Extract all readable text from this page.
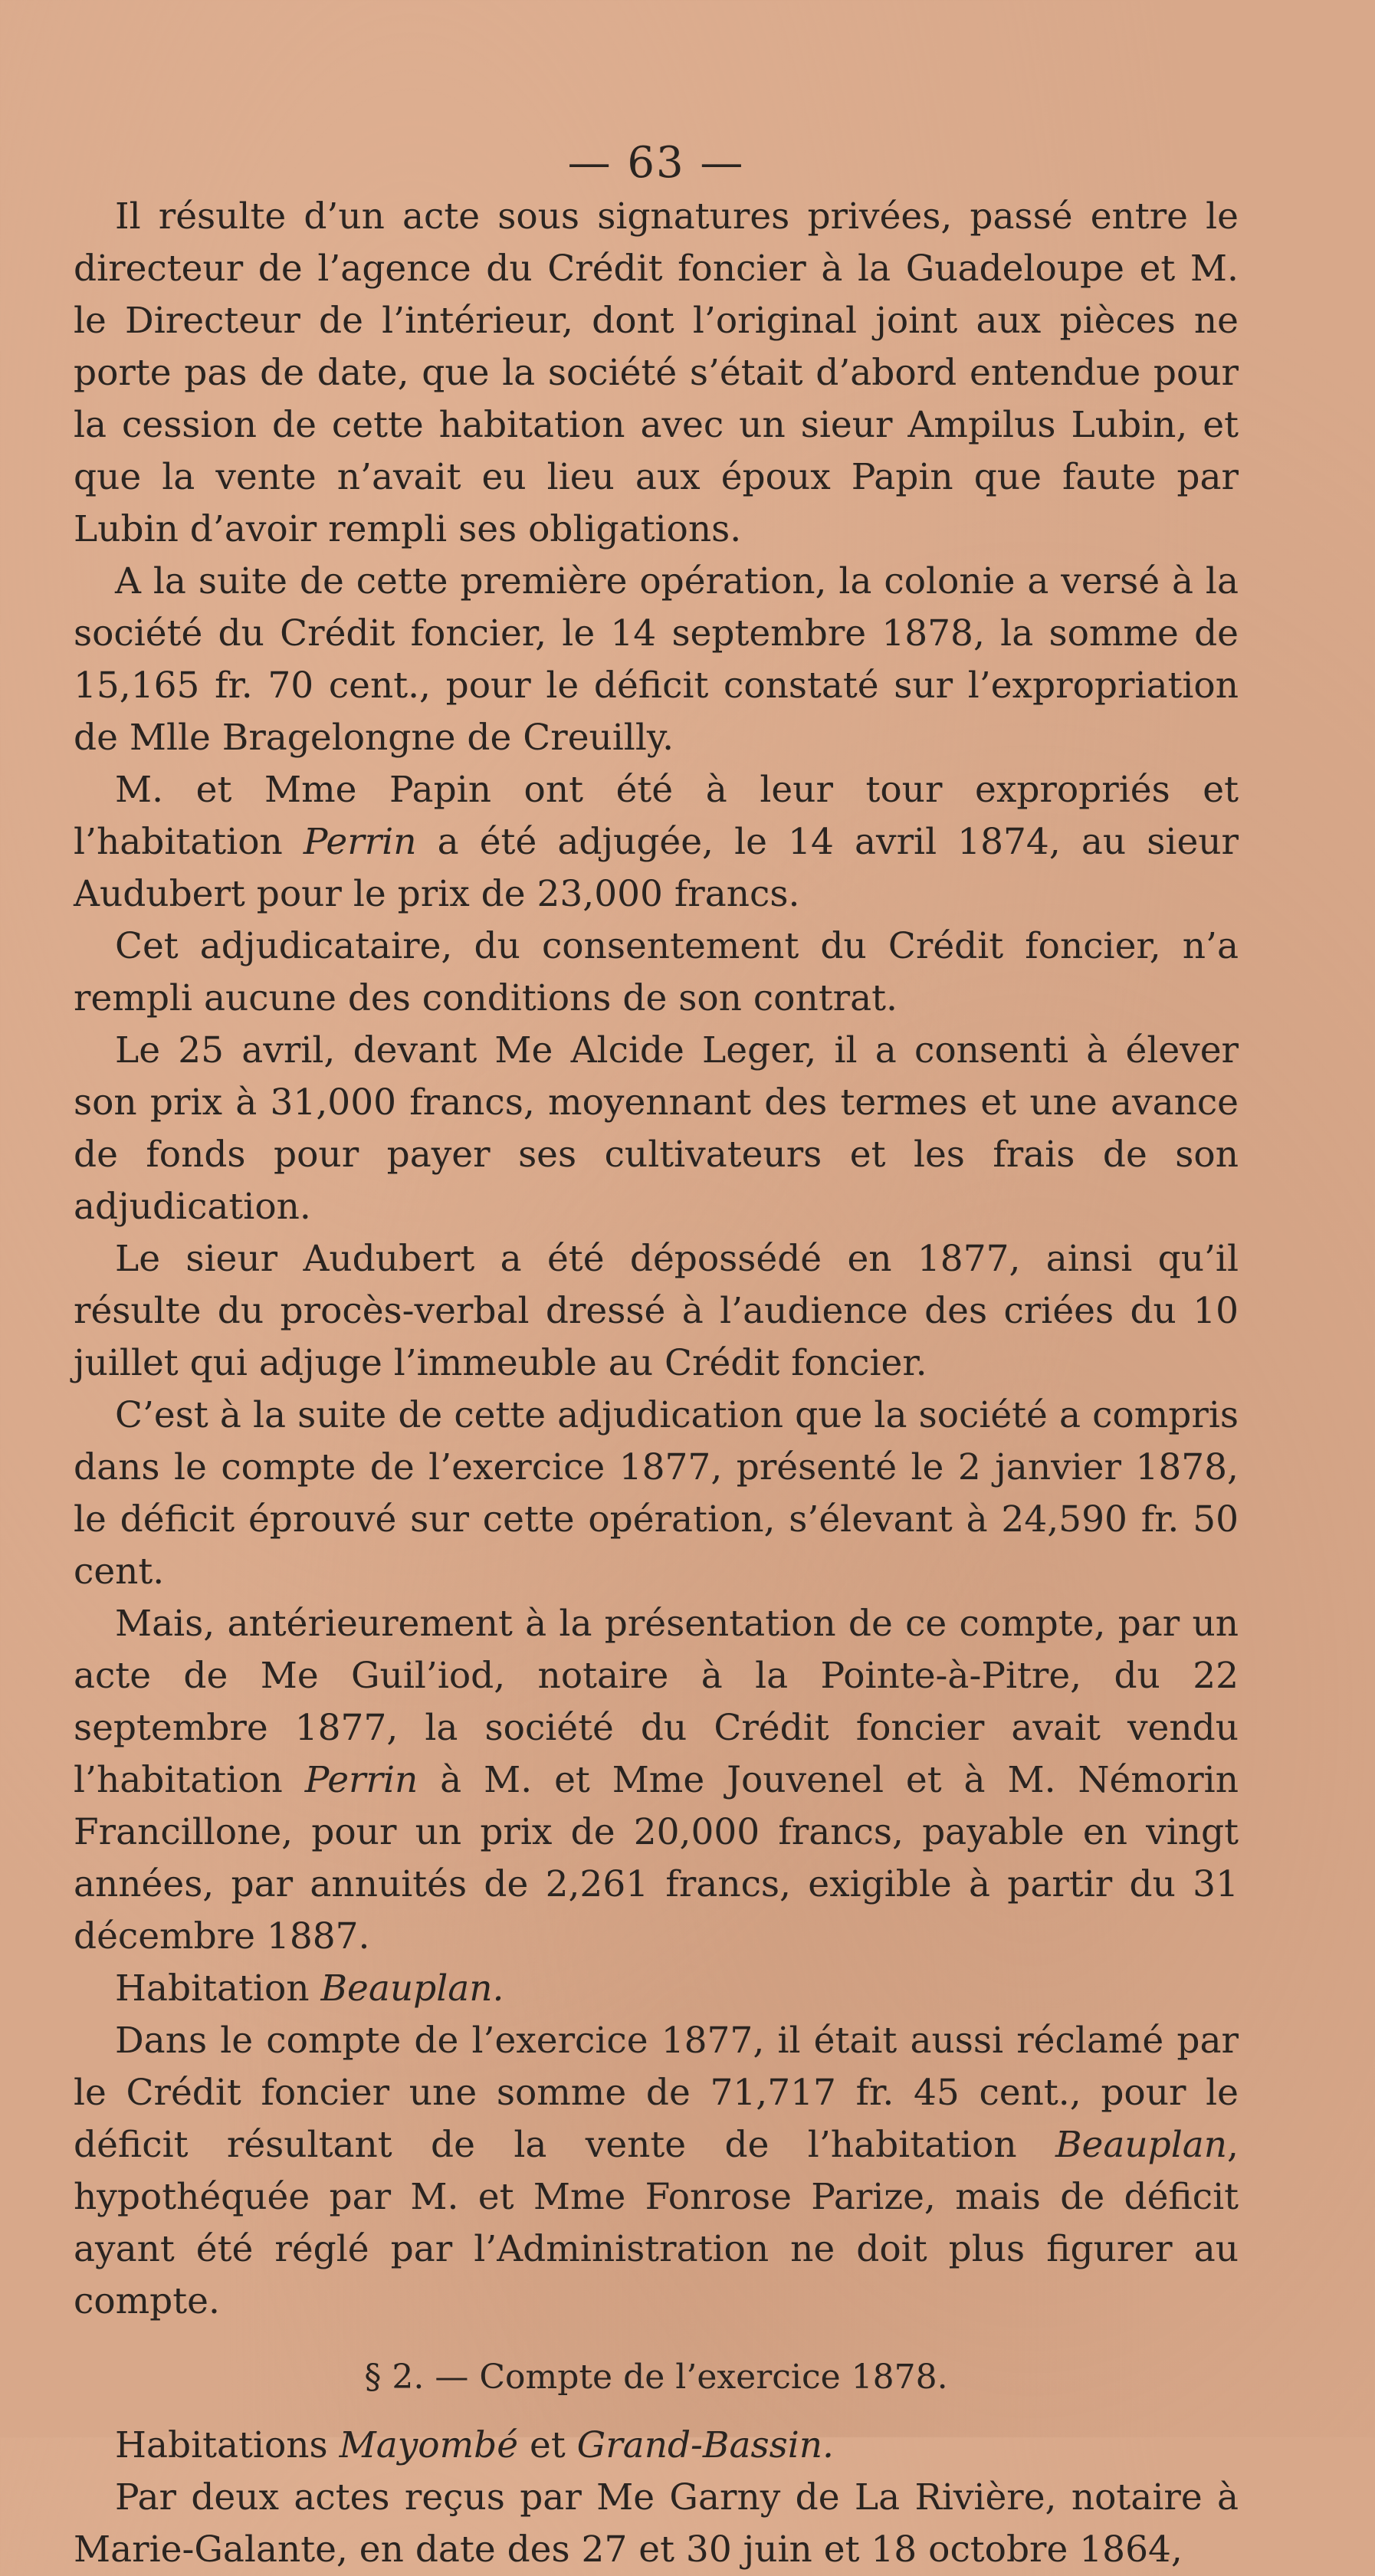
— 63 —

Il résulte d’un acte sous signatures privées, passé entre le directeur de l’agence du Crédit foncier à la Guadeloupe et M. le Directeur de l’intérieur, dont l’original joint aux pièces ne porte pas de date, que la société s’était d’abord entendue pour la cession de cette habitation avec un sieur Ampilus Lubin, et que la vente n’avait eu lieu aux époux Papin que faute par Lubin d’avoir rempli ses obligations.

A la suite de cette première opération, la colonie a versé à la société du Crédit foncier, le 14 septembre 1878, la somme de 15,165 fr. 70 cent., pour le déficit constaté sur l’expropriation de Mlle Bragelongne de Creuilly.

M. et Mme Papin ont été à leur tour expropriés et l’habitation Perrin a été adjugée, le 14 avril 1874, au sieur Audubert pour le prix de 23,000 francs.

Cet adjudicataire, du consentement du Crédit foncier, n’a rempli aucune des conditions de son contrat.

Le 25 avril, devant Me Alcide Leger, il a consenti à élever son prix à 31,000 francs, moyennant des termes et une avance de fonds pour payer ses cultivateurs et les frais de son adjudication.

Le sieur Audubert a été dépossédé en 1877, ainsi qu’il résulte du procès-verbal dressé à l’audience des criées du 10 juillet qui adjuge l’immeuble au Crédit foncier.

C’est à la suite de cette adjudication que la société a compris dans le compte de l’exercice 1877, présenté le 2 janvier 1878, le déficit éprouvé sur cette opération, s’élevant à 24,590 fr. 50 cent.

Mais, antérieurement à la présentation de ce compte, par un acte de Me Guil’iod, notaire à la Pointe-à-Pitre, du 22 septembre 1877, la société du Crédit foncier avait vendu l’habitation Perrin à M. et Mme Jouvenel et à M. Némorin Francillone, pour un prix de 20,000 francs, payable en vingt années, par annuités de 2,261 francs, exigible à partir du 31 décembre 1887.

Habitation Beauplan.

Dans le compte de l’exercice 1877, il était aussi réclamé par le Crédit foncier une somme de 71,717 fr. 45 cent., pour le déficit résultant de la vente de l’habitation Beauplan, hypothéquée par M. et Mme Fonrose Parize, mais de déficit ayant été réglé par l’Administration ne doit plus figurer au compte.

§ 2. — Compte de l’exercice 1878.
Habitations Mayombé et Grand-Bassin.

Par deux actes reçus par Me Garny de La Rivière, notaire à Marie-Galante, en date des 27 et 30 juin et 18 octobre 1864,
